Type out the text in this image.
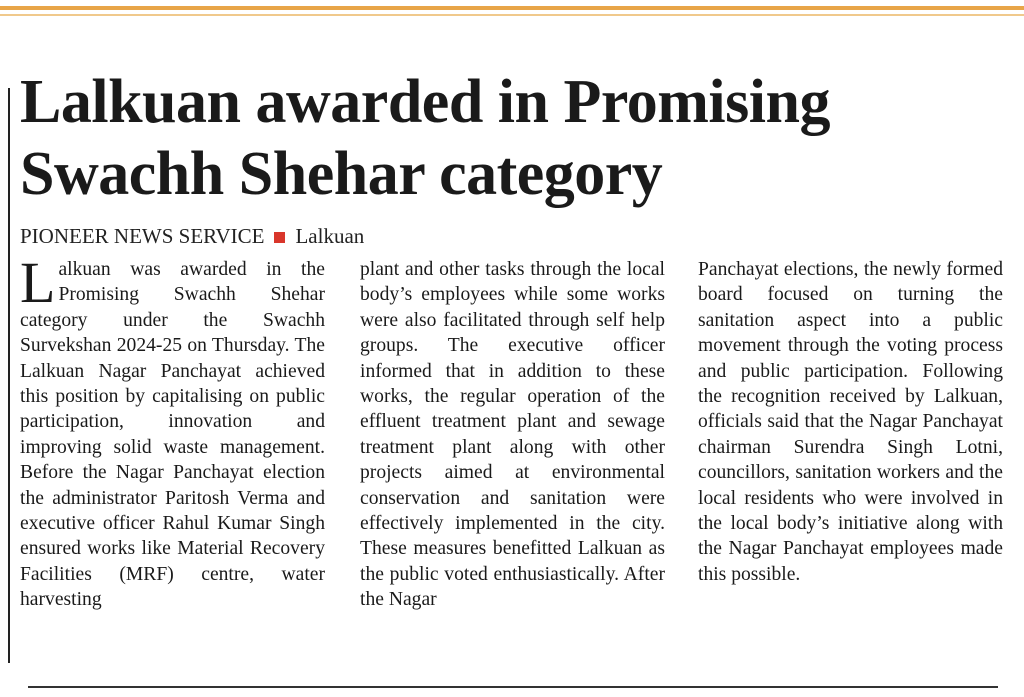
Lalkuan awarded in Promising Swachh Shehar category
PIONEER NEWS SERVICE Lalkuan
L alkuan was awarded in the Promising Swachh Shehar category under the Swachh Survekshan 2024-25 on Thursday. The Lalkuan Nagar Panchayat achieved this position by capitalising on public participation, innovation and improving solid waste management. Before the Nagar Panchayat election the administrator Paritosh Verma and executive officer Rahul Kumar Singh ensured works like Material Recovery Facilities (MRF) centre, water harvesting

plant and other tasks through the local body’s employees while some works were also facilitated through self help groups. The executive officer informed that in addition to these works, the regular operation of the effluent treatment plant and sewage treatment plant along with other projects aimed at environmental conservation and sanitation were effectively implemented in the city. These measures benefitted Lalkuan as the public voted enthusiastically. After the Nagar

Panchayat elections, the newly formed board focused on turning the sanitation aspect into a public movement through the voting process and public participation. Following the recognition received by Lalkuan, officials said that the Nagar Panchayat chairman Surendra Singh Lotni, councillors, sanitation workers and the local residents who were involved in the local body’s initiative along with the Nagar Panchayat employees made this possible.
